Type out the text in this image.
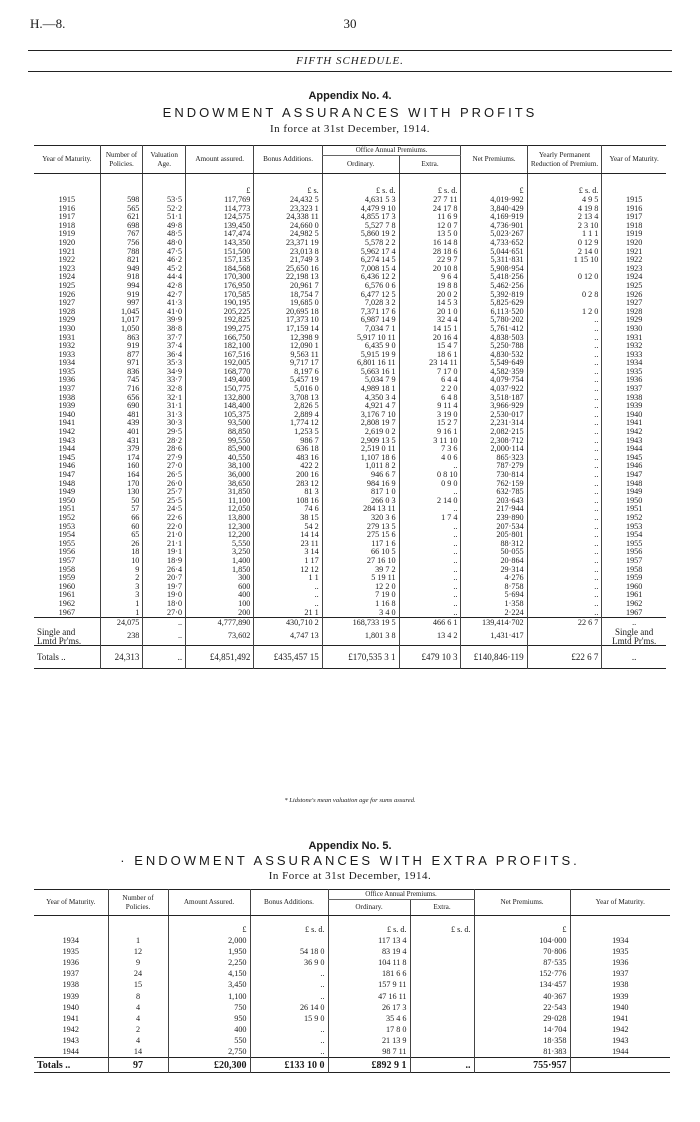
H.—8.	30
FIFTH SCHEDULE.
Appendix No. 4.
ENDOWMENT ASSURANCES WITH PROFITS
In force at 31st December, 1914.
Year of Maturity.	Number of Policies.	Valuation Age.	Amount assured.	Bonus Additions.	Office Annual Premiums.		Net Premiums.	Yearly Permanent Reduction of Premium.	Year of Maturity.
					Ordinary.	Extra.			
			£	£ s.	£ s. d.	£ s. d.	£	£ s. d.	
1915	598	53·5	117,769	24,432 5	4,631 5 3	27 7 11	4,019·992	4 9 5	1915
1916	565	52·2	114,773	23,323 1	4,479 9 10	24 17 8	3,840·429	4 19 8	1916
1917	621	51·1	124,575	24,338 11	4,855 17 3	11 6 9	4,169·919	2 13 4	1917
1918	698	49·8	139,450	24,660 0	5,527 7 8	12 0 7	4,736·901	2 3 10	1918
1919	767	48·5	147,474	24,982 5	5,860 19 2	13 5 0	5,023·267	1 1 1	1919
1920	756	48·0	143,350	23,371 19	5,578 2 2	16 14 8	4,733·652	0 12 9	1920
1921	788	47·5	151,500	23,013 8	5,962 17 4	28 18 6	5,044·651	2 14 0	1921
1922	821	46·2	157,135	21,749 3	6,274 14 5	22 9 7	5,311·831	1 15 10	1922
1923	949	45·2	184,568	25,650 16	7,008 15 4	20 10 8	5,908·954		1923
1924	918	44·4	170,300	22,198 13	6,436 12 2	9 6 4	5,418·256	0 12 0	1924
1925	994	42·8	176,950	20,961 7	6,576 0 6	19 8 8	5,462·256		1925
1926	919	42·7	170,585	18,754 7	6,477 12 5	20 0 2	5,392·819	0 2 8	1926
1927	997	41·3	190,195	19,685 0	7,028 3 2	14 5 3	5,825·629		1927
1928	1,045	41·0	205,225	20,695 18	7,371 17 6	20 1 0	6,113·520	1 2 0	1928
1929	1,017	39·9	192,825	17,373 10	6,987 14 9	32 4 4	5,780·202	..	1929
1930	1,050	38·8	199,275	17,159 14	7,034 7 1	14 15 1	5,761·412	..	1930
1931	863	37·7	166,750	12,398 9	5,917 10 11	20 16 4	4,838·503	..	1931
1932	919	37·4	182,100	12,090 1	6,435 9 0	15 4 7	5,250·788	..	1932
1933	877	36·4	167,516	9,563 11	5,915 19 9	18 6 1	4,830·532	..	1933
1934	971	35·3	192,005	9,717 17	6,801 16 11	23 14 11	5,549·649	..	1934
1935	836	34·9	168,770	8,197 6	5,663 16 1	7 17 0	4,582·359	..	1935
1936	745	33·7	149,400	5,457 19	5,034 7 9	6 4 4	4,079·754	..	1936
1937	716	32·8	150,775	5,016 0	4,989 18 1	2 2 0	4,037·922	..	1937
1938	656	32·1	132,800	3,708 13	4,350 3 4	6 4 8	3,518·187	..	1938
1939	690	31·1	148,400	2,826 5	4,921 4 7	9 11 4	3,966·929	..	1939
1940	481	31·3	105,375	2,889 4	3,176 7 10	3 19 0	2,530·017	..	1940
1941	439	30·3	93,500	1,774 12	2,808 19 7	15 2 7	2,231·314	..	1941
1942	401	29·5	88,850	1,253 5	2,619 0 2	9 16 1	2,082·215	..	1942
1943	431	28·2	99,550	986 7	2,909 13 5	3 11 10	2,308·712	..	1943
1944	379	28·6	85,900	636 18	2,519 0 11	7 3 6	2,000·114	..	1944
1945	174	27·9	40,550	483 16	1,107 18 6	4 0 6	865·323	..	1945
1946	160	27·0	38,100	422 2	1,011 8 2	..	787·279	..	1946
1947	164	26·5	36,000	200 16	946 6 7	0 8 10	730·814	..	1947
1948	170	26·0	38,650	283 12	984 16 9	0 9 0	762·159	..	1948
1949	130	25·7	31,850	81 3	817 1 0	..	632·785	..	1949
1950	50	25·5	11,100	108 16	266 0 3	2 14 0	203·643	..	1950
1951	57	24·5	12,050	74 6	284 13 11	..	217·944	..	1951
1952	66	22·6	13,800	38 15	320 3 6	1 7 4	239·890	..	1952
1953	60	22·0	12,300	54 2	279 13 5	..	207·534	..	1953
1954	65	21·0	12,200	14 14	275 15 6	..	205·801	..	1954
1955	26	21·1	5,550	23 11	117 1 6	..	88·312	..	1955
1956	18	19·1	3,250	3 14	66 10 5	..	50·055	..	1956
1957	10	18·9	1,400	1 17	27 16 10	..	20·864	..	1957
1958	9	26·4	1,850	12 12	39 7 2	..	29·314	..	1958
1959	2	20·7	300	1 1	5 19 11	..	4·276	..	1959
1960	3	19·7	600	..	12 2 0	..	8·758	..	1960
1961	3	19·0	400	..	7 19 0	..	5·694	..	1961
1962	1	18·0	100	..	1 16 8	..	1·358	..	1962
1967	1	27·0	200	21 1	3 4 0	..	2·224	..	1967
	24,075	..	4,777,890	430,710 2	168,733 19 5	466 6 1	139,414·702	22 6 7	..
Single and Lmtd Pr'ms.	238	..	73,602	4,747 13	1,801 3 8	13 4 2	1,431·417		Single and Lmtd Pr'ms.
Totals ..	24,313	..	£4,851,492	£435,457 15	£170,535 3 1	£479 10 3	£140,846·119	£22 6 7	..
* Lidstone's mean valuation age for sums assured.
Appendix No. 5.
· ENDOWMENT ASSURANCES WITH EXTRA PROFITS.
In Force at 31st December, 1914.
Year of Maturity.	Number of Policies.	Amount Assured.	Bonus Additions.	Office Annual Premiums.		Net Premiums.	Year of Maturity.
				Ordinary.	Extra.		
		£	£ s. d.	£ s. d.	£ s. d.	£	
1934	1	2,000		117 13 4		104·000	1934
1935	12	1,950	54 18 0	83 19 4		70·806	1935
1936	9	2,250	36 9 0	104 11 8		87·535	1936
1937	24	4,150	..	181 6 6		152·776	1937
1938	15	3,450	..	157 9 11		134·457	1938
1939	8	1,100	..	47 16 11		40·367	1939
1940	4	750	26 14 0	26 17 3		22·543	1940
1941	4	950	15 9 0	35 4 6		29·028	1941
1942	2	400	..	17 8 0		14·704	1942
1943	4	550	..	21 13 9		18·358	1943
1944	14	2,750	..	98 7 11		81·383	1944
Totals ..	97	£20,300	£133 10 0	£892 9 1	..	755·957	
